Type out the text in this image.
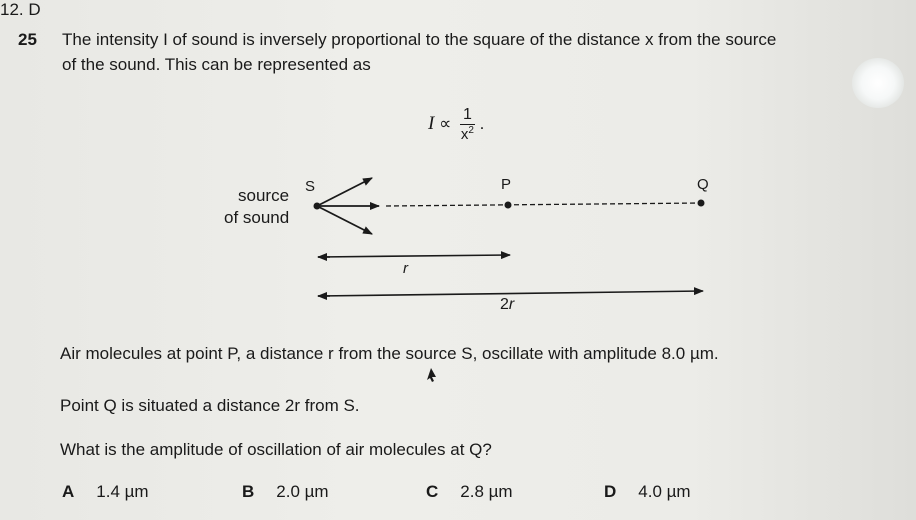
12. D
25 The intensity I of sound is inversely proportional to the square of the distance x from the source
of the sound. This can be represented as
$I \propto \frac{1}{x^2}$ .
source
of sound
S	P	Q
r
2r
Air molecules at point P, a distance r from the source S, oscillate with amplitude 8.0 µm.
Point Q is situated a distance 2r from S.
What is the amplitude of oscillation of air molecules at Q?
A 1.4 µm	B 2.0 µm	C 2.8 µm	D 4.0 µm
